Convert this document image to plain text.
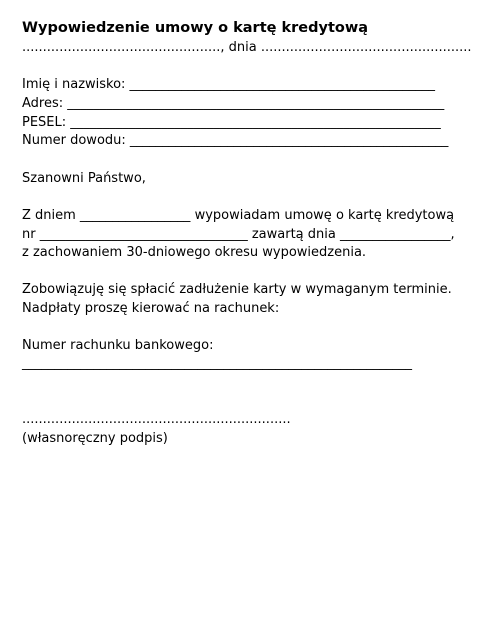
Wypowiedzenie umowy o kartę kredytową
................................................, dnia ...................................................
Imię i nazwisko: _______________________________________________
Adres: __________________________________________________________
PESEL: _________________________________________________________
Numer dowodu: _________________________________________________
Szanowni Państwo,
Z dniem _________________ wypowiadam umowę o kartę kredytową
nr ________________________________ zawartą dnia _________________,
z zachowaniem 30-dniowego okresu wypowiedzenia.
Zobowiązuję się spłacić zadłużenie karty w wymaganym terminie.
Nadpłaty proszę kierować na rachunek:
Numer rachunku bankowego:
____________________________________________________________
.................................................................
(własnoręczny podpis)
